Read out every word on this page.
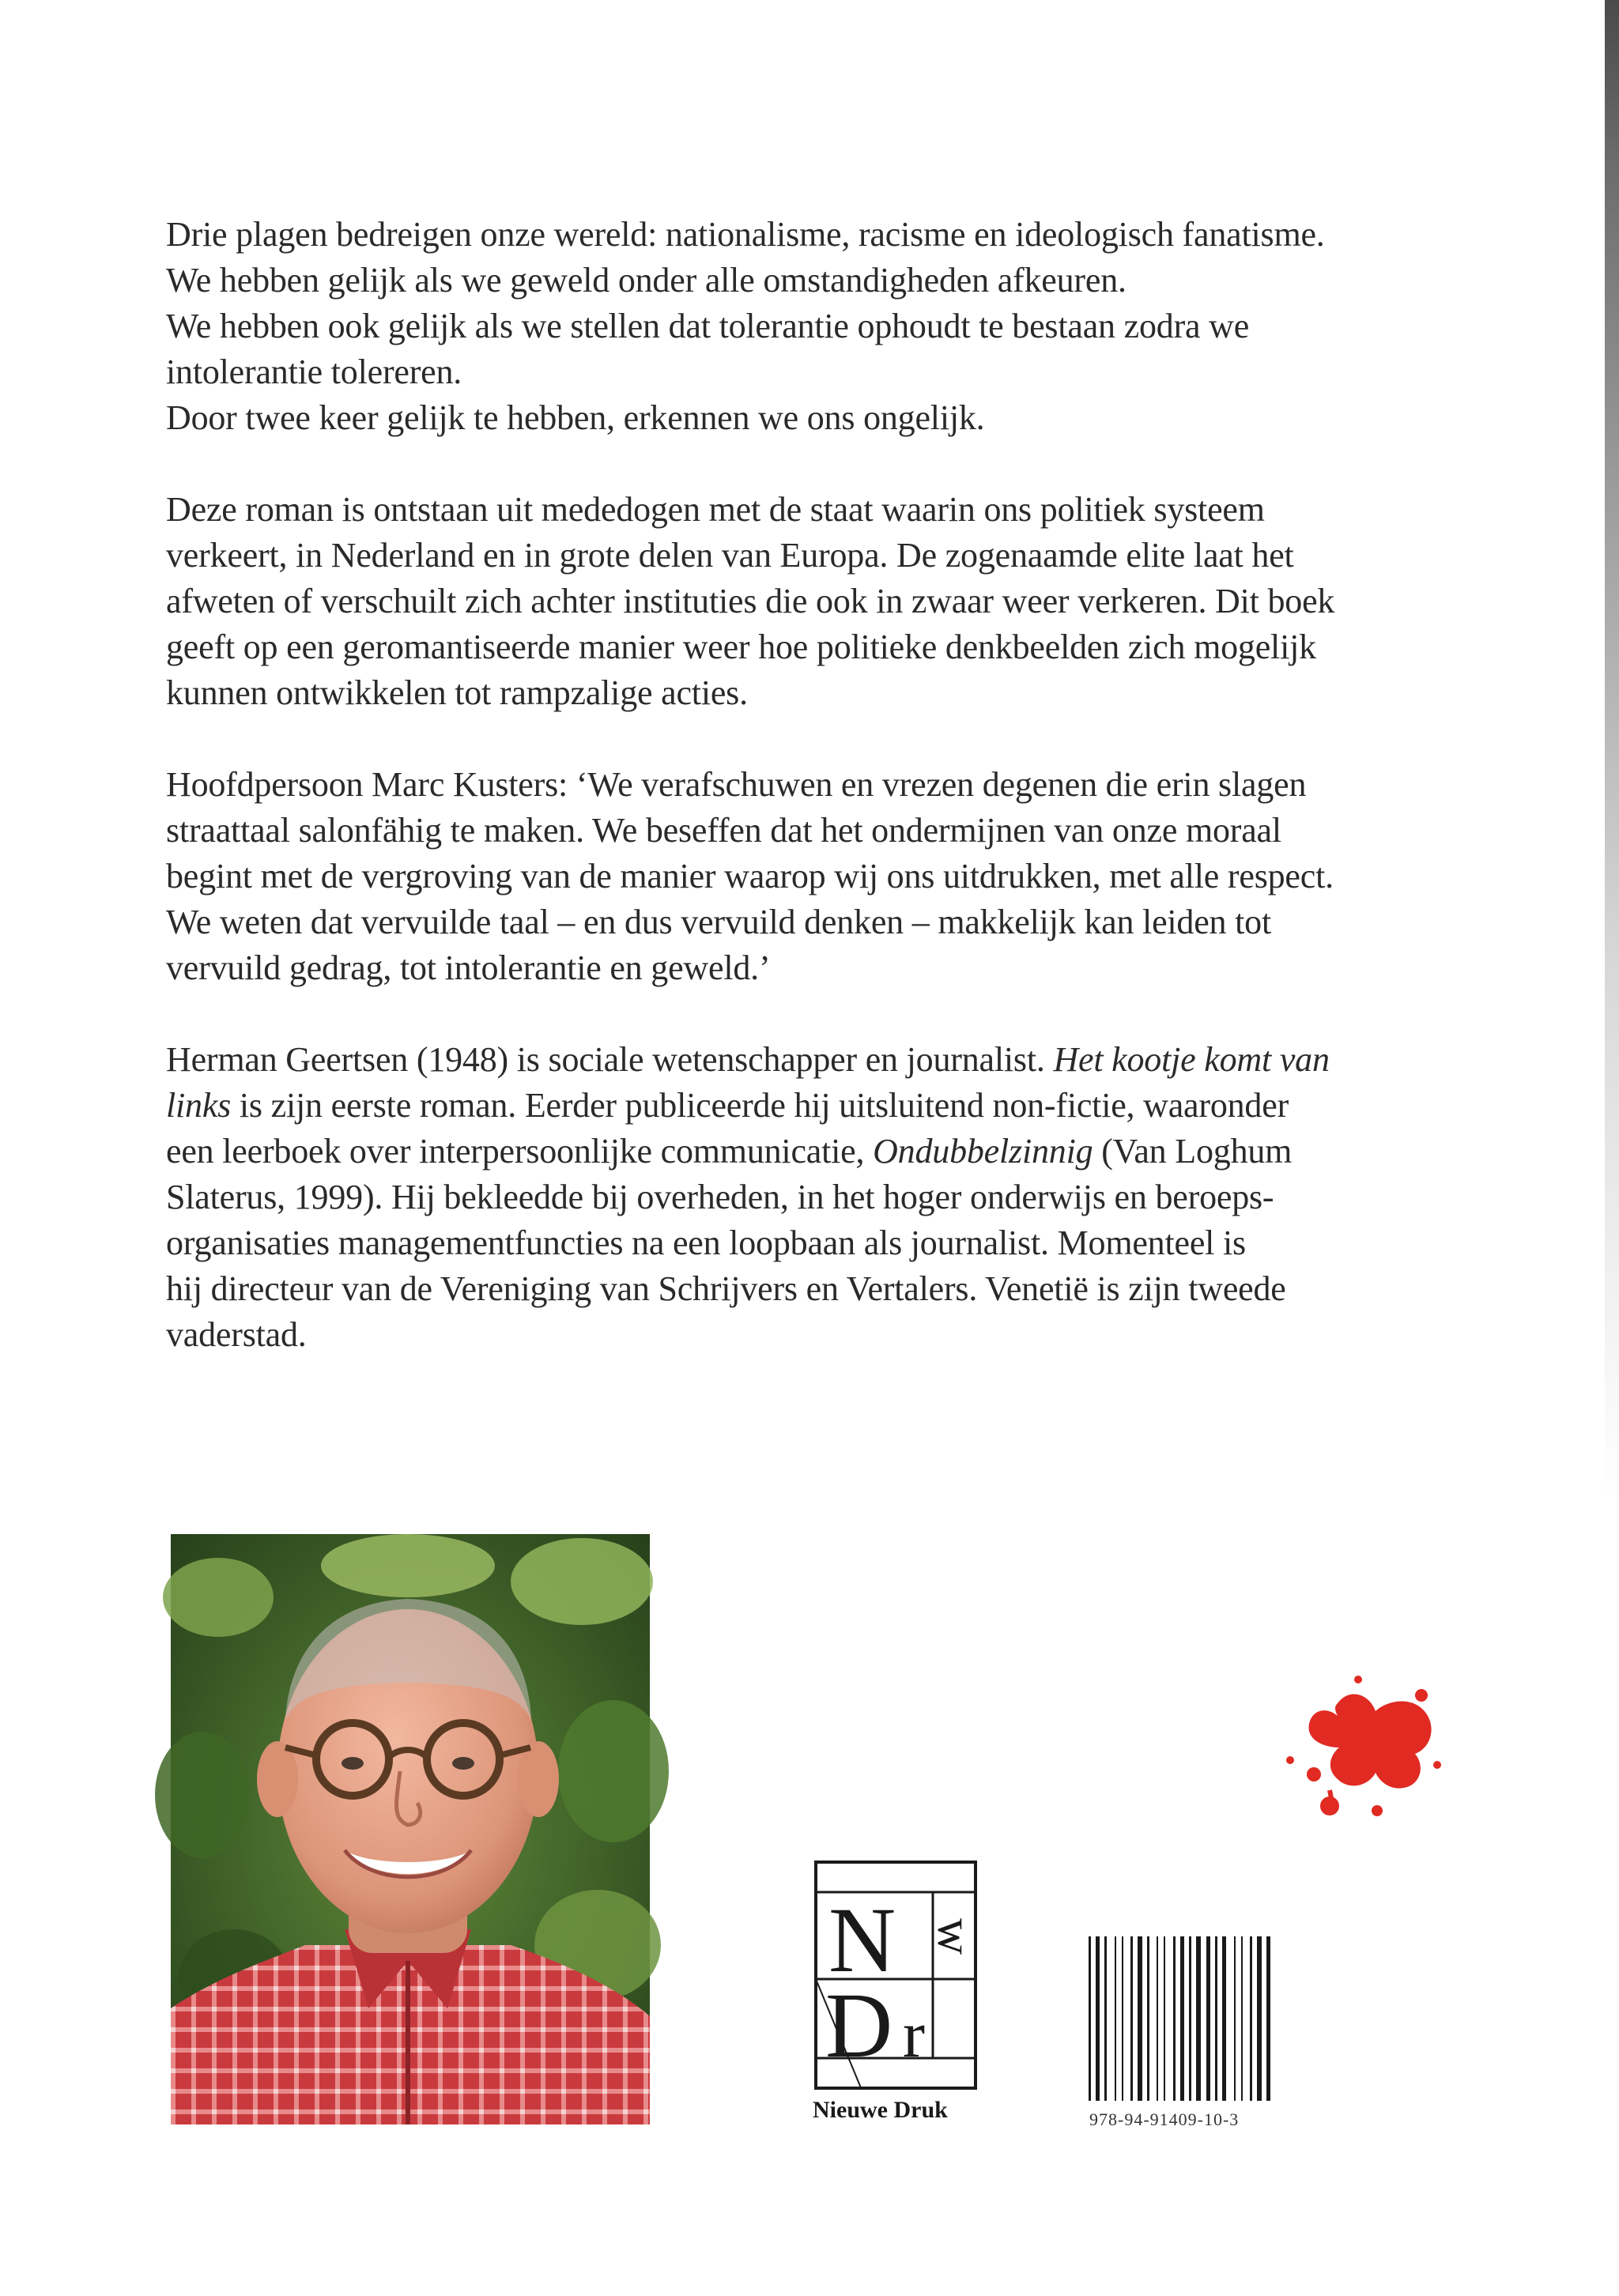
Drie plagen bedreigen onze wereld: nationalisme, racisme en ideologisch fanatisme.
We hebben gelijk als we geweld onder alle omstandigheden afkeuren.
We hebben ook gelijk als we stellen dat tolerantie ophoudt te bestaan zodra we
intolerantie tolereren.
Door twee keer gelijk te hebben, erkennen we ons ongelijk.

Deze roman is ontstaan uit mededogen met de staat waarin ons politiek systeem
verkeert, in Nederland en in grote delen van Europa. De zogenaamde elite laat het
afweten of verschuilt zich achter instituties die ook in zwaar weer verkeren. Dit boek
geeft op een geromantiseerde manier weer hoe politieke denkbeelden zich mogelijk
kunnen ontwikkelen tot rampzalige acties.

Hoofdpersoon Marc Kusters: ‘We verafschuwen en vrezen degenen die erin slagen
straattaal salonfähig te maken. We beseffen dat het ondermijnen van onze moraal
begint met de vergroving van de manier waarop wij ons uitdrukken, met alle respect.
We weten dat vervuilde taal – en dus vervuild denken – makkelijk kan leiden tot
vervuild gedrag, tot intolerantie en geweld.’

Herman Geertsen (1948) is sociale wetenschapper en journalist. Het kootje komt van
links is zijn eerste roman. Eerder publiceerde hij uitsluitend non-fictie, waaronder
een leerboek over interpersoonlijke communicatie, Ondubbelzinnig (Van Loghum
Slaterus, 1999). Hij bekleedde bij overheden, in het hoger onderwijs en beroeps-
organisaties managementfuncties na een loopbaan als journalist. Momenteel is
hij directeur van de Vereniging van Schrijvers en Vertalers. Venetië is zijn tweede
vaderstad.

N w
D r
Nieuwe Druk	978-94-91409-10-3
